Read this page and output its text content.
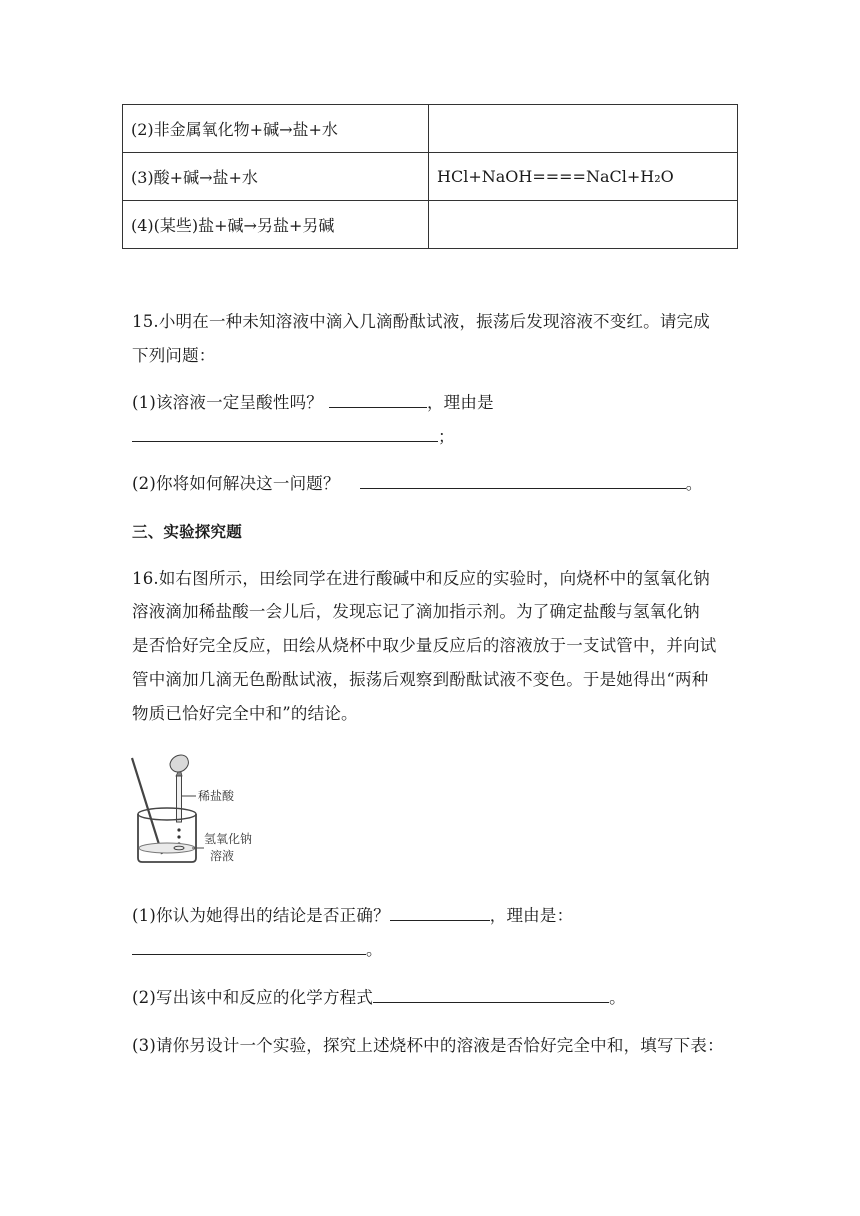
(2)非金属氧化物+碱→盐+水	
(3)酸+碱→盐+水	HCl+NaOH====NaCl+H₂O
(4)(某些)盐+碱→另盐+另碱	
15.小明在一种未知溶液中滴入几滴酚酞试液，振荡后发现溶液不变红。请完成
下列问题：
(1)该溶液一定呈酸性吗？	，理由是
；
(2)你将如何解决这一问题？	。
三、实验探究题
16.如右图所示，田绘同学在进行酸碱中和反应的实验时，向烧杯中的氢氧化钠
溶液滴加稀盐酸一会儿后，发现忘记了滴加指示剂。为了确定盐酸与氢氧化钠
是否恰好完全反应，田绘从烧杯中取少量反应后的溶液放于一支试管中，并向试
管中滴加几滴无色酚酞试液，振荡后观察到酚酞试液不变色。于是她得出“两种
物质已恰好完全中和”的结论。
稀盐酸
氢氧化钠
溶液
(1)你认为她得出的结论是否正确？	，理由是：
。
(2)写出该中和反应的化学方程式	。
(3)请你另设计一个实验，探究上述烧杯中的溶液是否恰好完全中和，填写下表：
